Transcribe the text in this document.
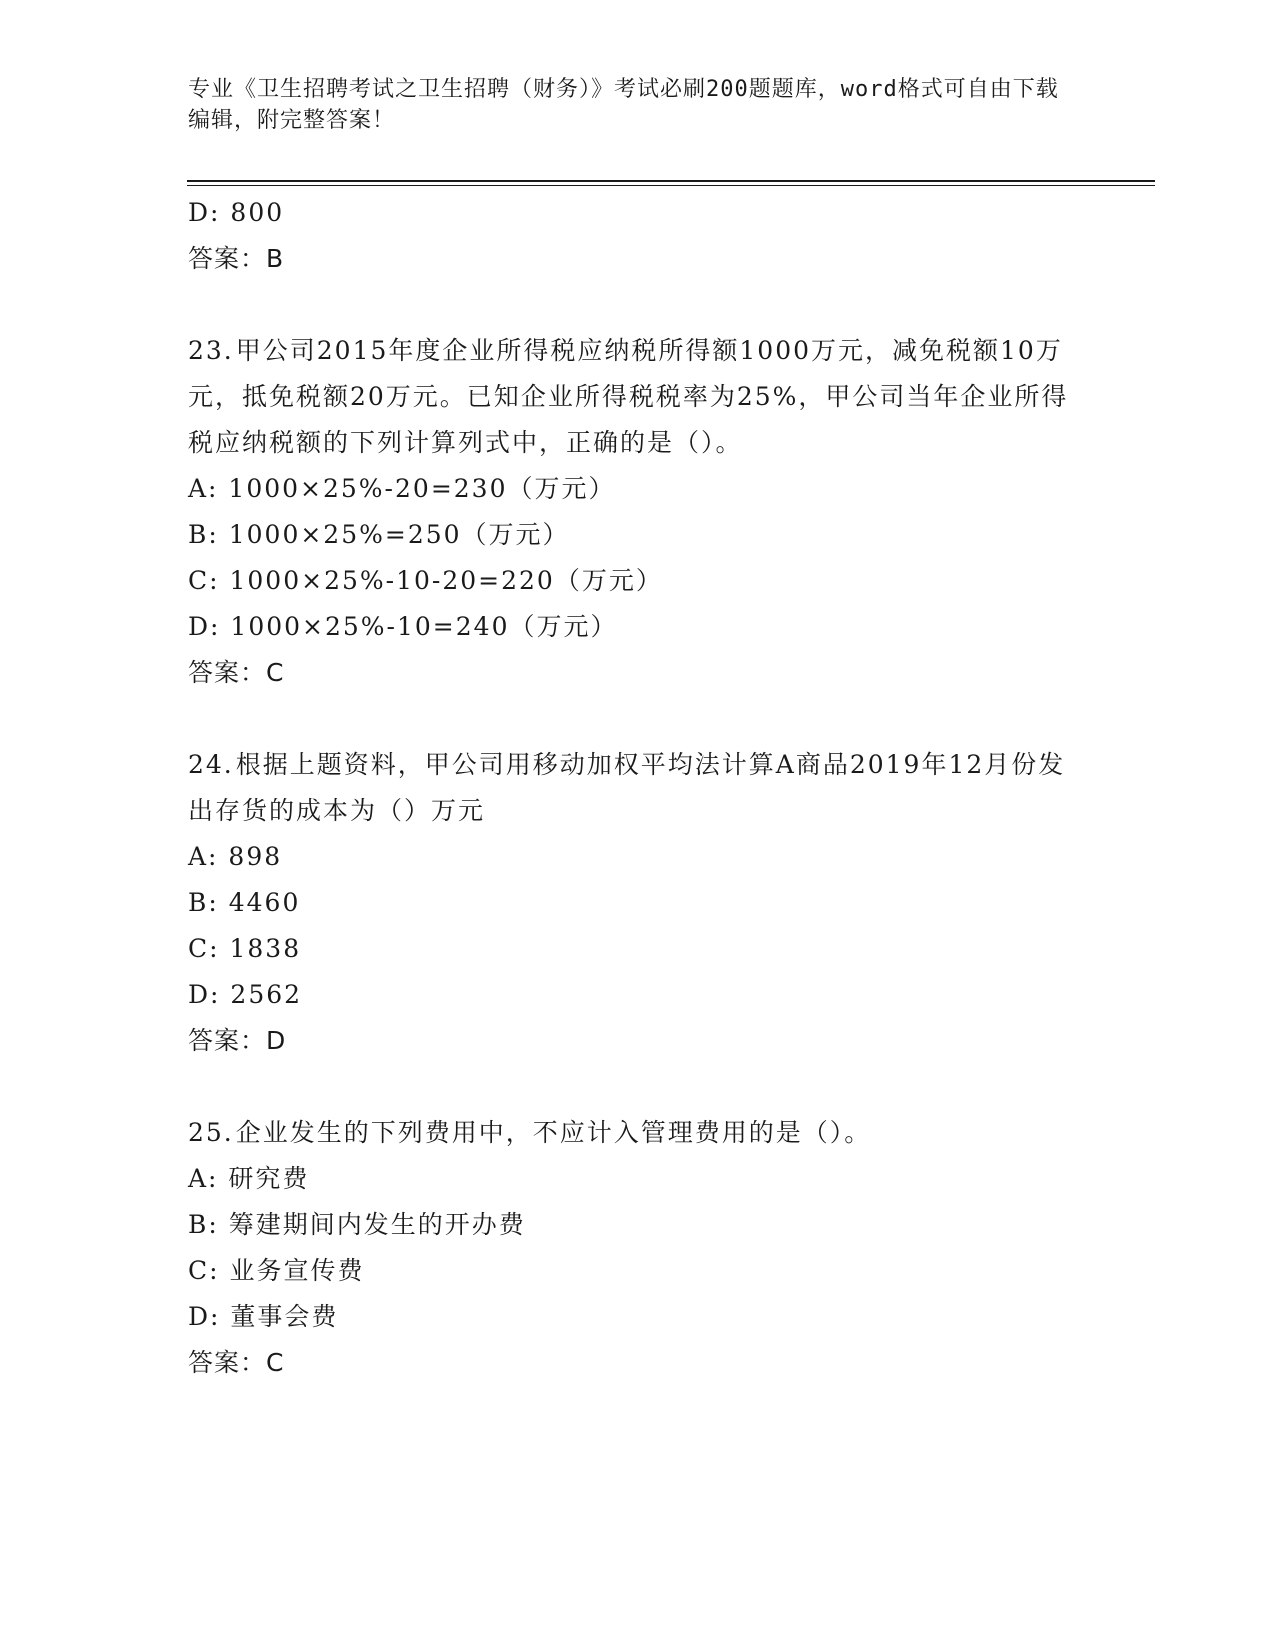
专业《卫生招聘考试之卫生招聘（财务）》考试必刷200题题库，word格式可自由下载编辑，附完整答案！
D: 800
答案：B
23.甲公司2015年度企业所得税应纳税所得额1000万元，减免税额10万元，抵免税额20万元。已知企业所得税税率为25%，甲公司当年企业所得税应纳税额的下列计算列式中，正确的是（）。
A: 1000×25%-20=230（万元）
B: 1000×25%=250（万元）
C: 1000×25%-10-20=220（万元）
D: 1000×25%-10=240（万元）
答案：C
24.根据上题资料，甲公司用移动加权平均法计算A商品2019年12月份发出存货的成本为（）万元
A: 898
B: 4460
C: 1838
D: 2562
答案：D
25.企业发生的下列费用中，不应计入管理费用的是（）。
A: 研究费
B: 筹建期间内发生的开办费
C: 业务宣传费
D: 董事会费
答案：C
